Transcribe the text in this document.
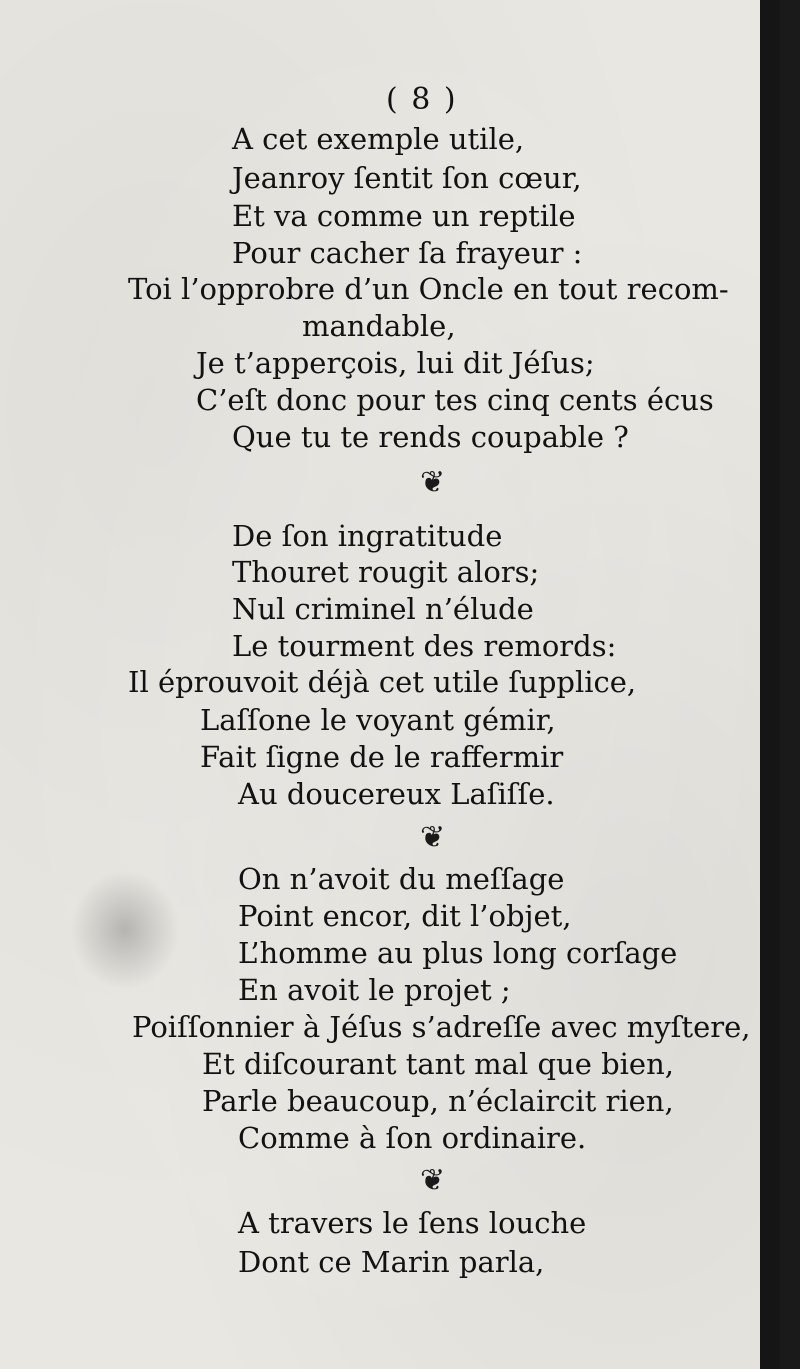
( 8 )
A cet exemple utile,
Jeanroy ſentit ſon cœur,
Et va comme un reptile
Pour cacher ſa frayeur :
Toi l’opprobre d’un Oncle en tout recom-
mandable,
Je t’apperçois, lui dit Jéſus;
C’eſt donc pour tes cinq cents écus
Que tu te rends coupable ?
❦
De ſon ingratitude
Thouret rougit alors;
Nul criminel n’élude
Le tourment des remords:
Il éprouvoit déjà cet utile ſupplice,
Laſſone le voyant gémir,
Fait ſigne de le raffermir
Au doucereux Laſiſſe.
❦
On n’avoit du meſſage
Point encor, dit l’objet,
L’homme au plus long corſage
En avoit le projet ;
Poiſſonnier à Jéſus s’adreſſe avec myſtere,
Et diſcourant tant mal que bien,
Parle beaucoup, n’éclaircit rien,
Comme à ſon ordinaire.
❦
A travers le ſens louche
Dont ce Marin parla,
